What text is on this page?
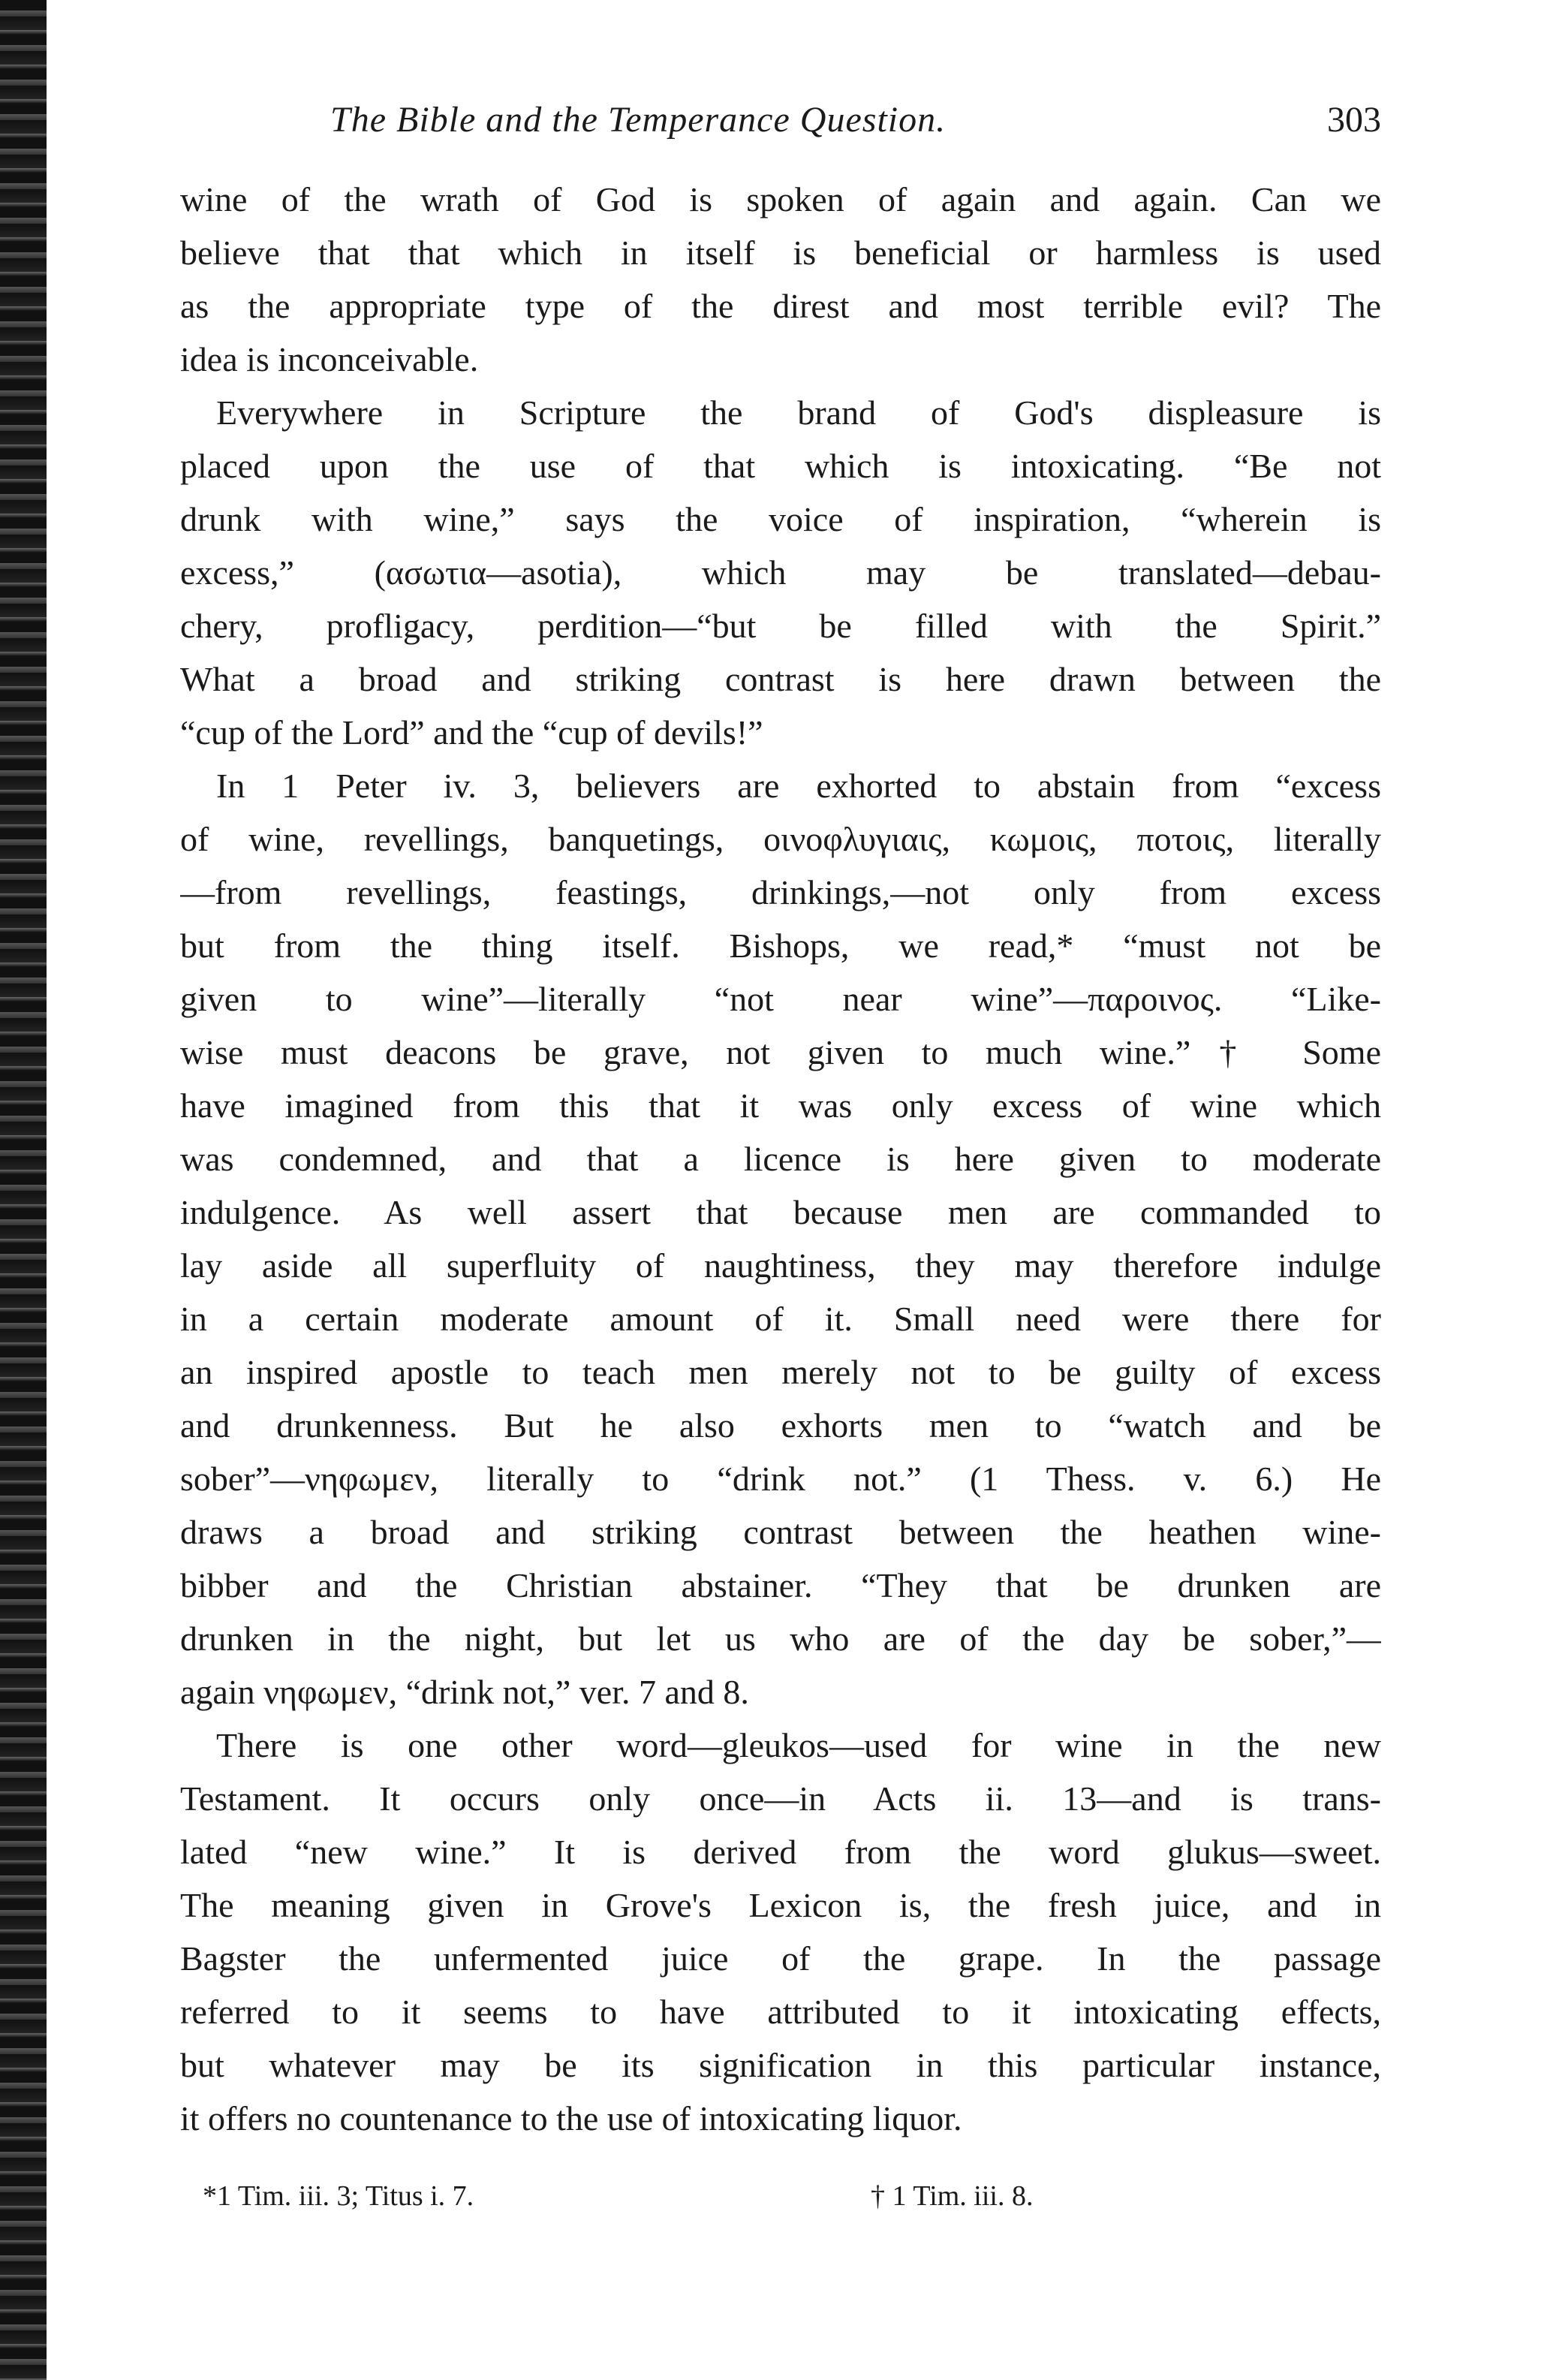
The Bible and the Temperance Question.	303
wine of the wrath of God is spoken of again and again. Can we
believe that that which in itself is beneficial or harmless is used
as the appropriate type of the direst and most terrible evil? The
idea is inconceivable.
Everywhere in Scripture the brand of God's displeasure is
placed upon the use of that which is intoxicating. “Be not
drunk with wine,” says the voice of inspiration, “wherein is
excess,” (ασωτια—asotia), which may be translated—debau-
chery, profligacy, perdition—“but be filled with the Spirit.”
What a broad and striking contrast is here drawn between the
“cup of the Lord” and the “cup of devils!”
In 1 Peter iv. 3, believers are exhorted to abstain from “excess
of wine, revellings, banquetings, οινοφλυγιαις, κωμοις, ποτοις, literally
—from revellings, feastings, drinkings,—not only from excess
but from the thing itself. Bishops, we read,* “must not be
given to wine”—literally “not near wine”—παροινος. “Like-
wise must deacons be grave, not given to much wine.”† Some
have imagined from this that it was only excess of wine which
was condemned, and that a licence is here given to moderate
indulgence. As well assert that because men are commanded to
lay aside all superfluity of naughtiness, they may therefore indulge
in a certain moderate amount of it. Small need were there for
an inspired apostle to teach men merely not to be guilty of excess
and drunkenness. But he also exhorts men to “watch and be
sober”—νηφωμεν, literally to “drink not.” (1 Thess. v. 6.) He
draws a broad and striking contrast between the heathen wine-
bibber and the Christian abstainer. “They that be drunken are
drunken in the night, but let us who are of the day be sober,”—
again νηφωμεν, “drink not,” ver. 7 and 8.
There is one other word—gleukos—used for wine in the new
Testament. It occurs only once—in Acts ii. 13—and is trans-
lated “new wine.” It is derived from the word glukus—sweet.
The meaning given in Grove's Lexicon is, the fresh juice, and in
Bagster the unfermented juice of the grape. In the passage
referred to it seems to have attributed to it intoxicating effects,
but whatever may be its signification in this particular instance,
it offers no countenance to the use of intoxicating liquor.
*1 Tim. iii. 3; Titus i. 7.	† 1 Tim. iii. 8.
